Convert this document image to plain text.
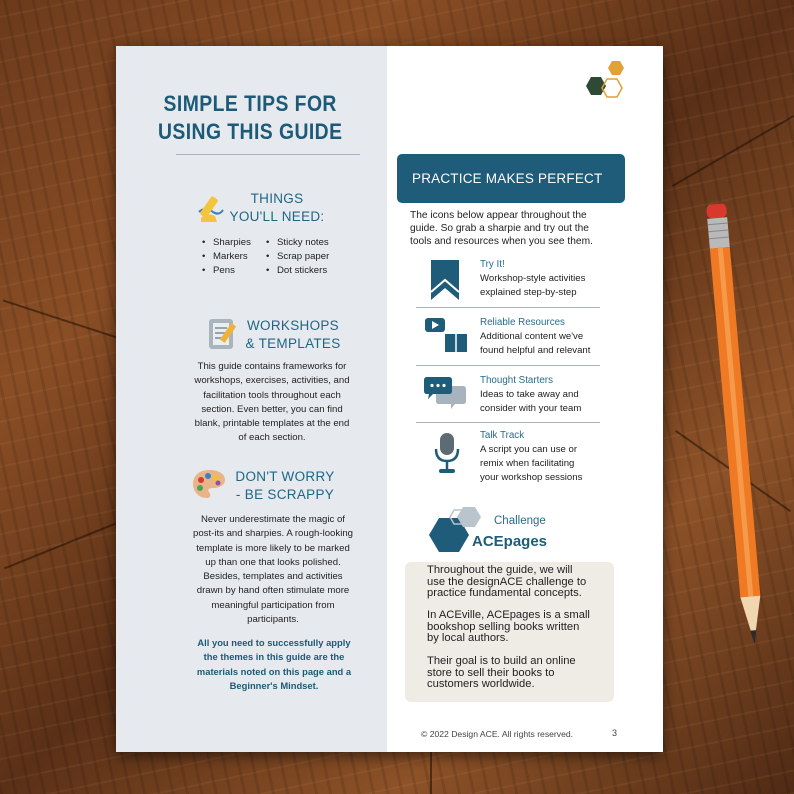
SIMPLE TIPS FOR
USING THIS GUIDE
THINGS
YOU'LL NEED:
• Sharpies
• Markers
• Pens
• Sticky notes
• Scrap paper
• Dot stickers
WORKSHOPS
& TEMPLATES
This guide contains frameworks for
workshops, exercises, activities, and
facilitation tools throughout each
section. Even better, you can find
blank, printable templates at the end
of each section.
DON'T WORRY
- BE SCRAPPY
Never underestimate the magic of
post-its and sharpies. A rough-looking
template is more likely to be marked
up than one that looks polished.
Besides, templates and activities
drawn by hand often stimulate more
meaningful participation from
participants.
All you need to successfully apply
the themes in this guide are the
materials noted on this page and a
Beginner's Mindset.
PRACTICE MAKES PERFECT
The icons below appear throughout the
guide. So grab a sharpie and try out the
tools and resources when you see them.
Try It!
Workshop-style activities
explained step-by-step
Reliable Resources
Additional content we've
found helpful and relevant
Thought Starters
Ideas to take away and
consider with your team
Talk Track
A script you can use or
remix when facilitating
your workshop sessions
Challenge
ACEpages
Throughout the guide, we will
use the designACE challenge to
practice fundamental concepts.
In ACEville, ACEpages is a small
bookshop selling books written
by local authors.
Their goal is to build an online
store to sell their books to
customers worldwide.
© 2022 Design ACE. All rights reserved.	3
